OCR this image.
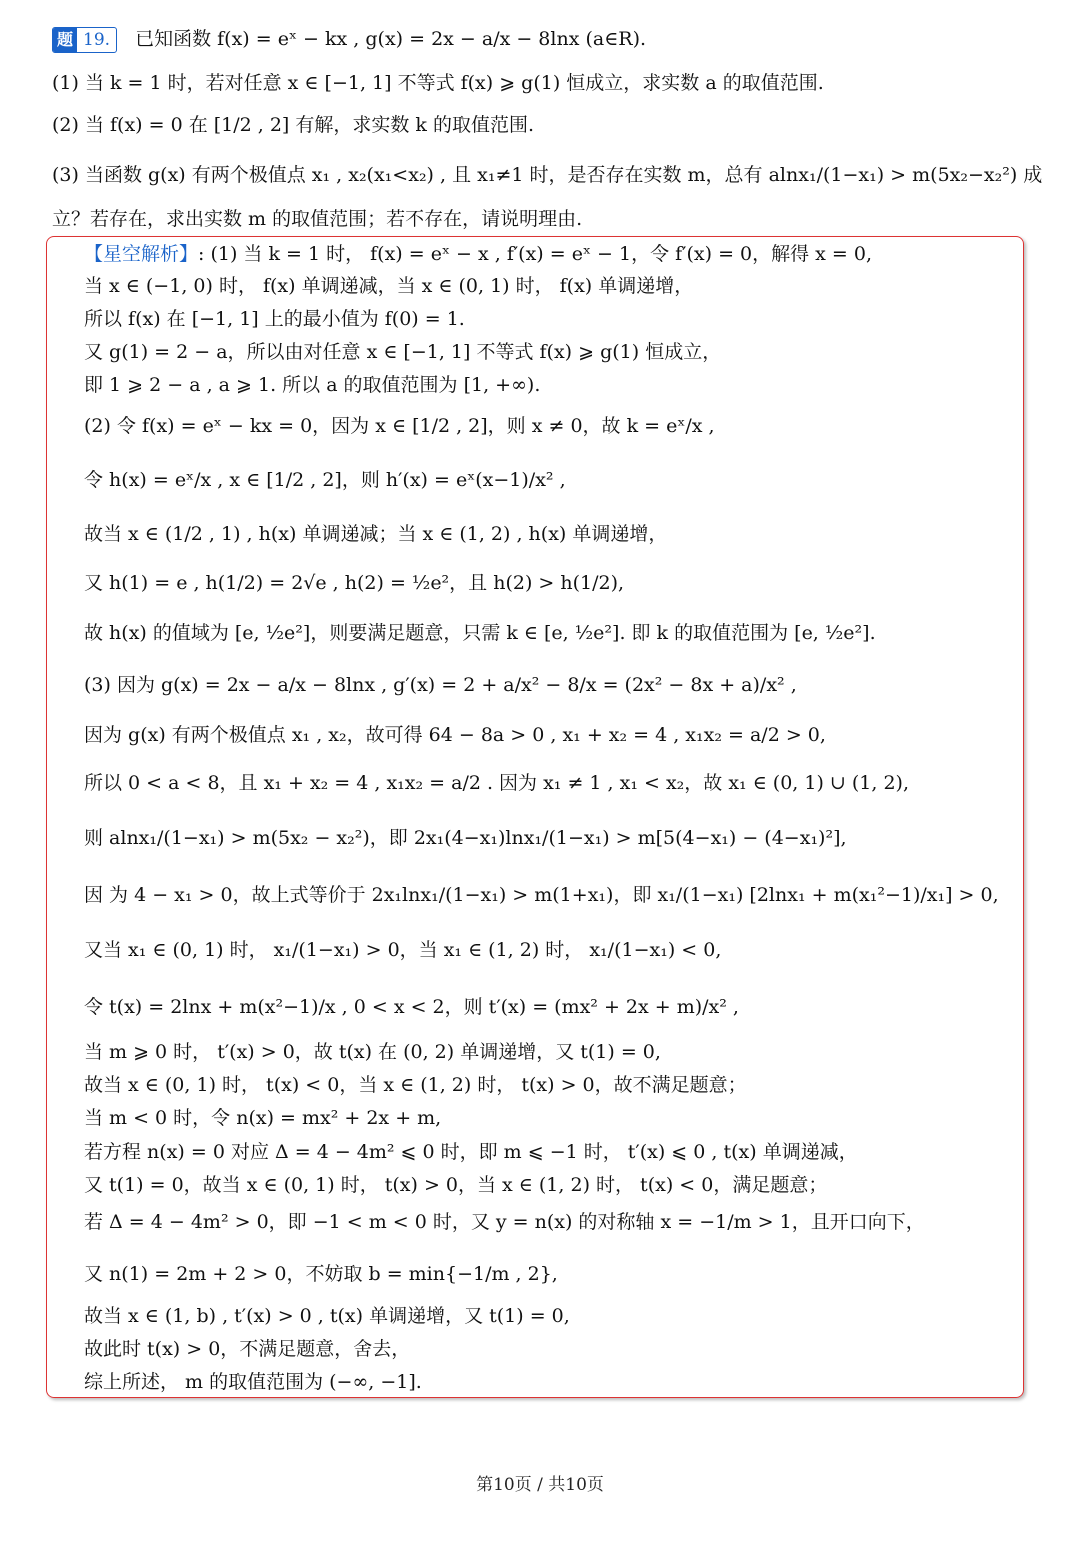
题 19.	已知函数 f(x) = eˣ − kx , g(x) = 2x − a/x − 8lnx (a∈R).
(1) 当 k = 1 时，若对任意 x ∈ [−1, 1] 不等式 f(x) ⩾ g(1) 恒成立，求实数 a 的取值范围.
(2) 当 f(x) = 0 在 [1/2 , 2] 有解，求实数 k 的取值范围.
(3) 当函数 g(x) 有两个极值点 x₁ , x₂(x₁<x₂) , 且 x₁≠1 时，是否存在实数 m，总有 alnx₁/(1−x₁) > m(5x₂−x₂²) 成
立？若存在，求出实数 m 的取值范围；若不存在，请说明理由.
【星空解析】: (1) 当 k = 1 时， f(x) = eˣ − x , f′(x) = eˣ − 1，令 f′(x) = 0，解得 x = 0,
当 x ∈ (−1, 0) 时， f(x) 单调递减，当 x ∈ (0, 1) 时， f(x) 单调递增，
所以 f(x) 在 [−1, 1] 上的最小值为 f(0) = 1.
又 g(1) = 2 − a，所以由对任意 x ∈ [−1, 1] 不等式 f(x) ⩾ g(1) 恒成立，
即 1 ⩾ 2 − a , a ⩾ 1. 所以 a 的取值范围为 [1, +∞).
(2) 令 f(x) = eˣ − kx = 0，因为 x ∈ [1/2 , 2]，则 x ≠ 0，故 k = eˣ/x ,
令 h(x) = eˣ/x , x ∈ [1/2 , 2]，则 h′(x) = eˣ(x−1)/x² ,
故当 x ∈ (1/2 , 1) , h(x) 单调递减；当 x ∈ (1, 2) , h(x) 单调递增，
又 h(1) = e , h(1/2) = 2√e , h(2) = ½e²，且 h(2) > h(1/2),
故 h(x) 的值域为 [e, ½e²]，则要满足题意，只需 k ∈ [e, ½e²]. 即 k 的取值范围为 [e, ½e²].
(3) 因为 g(x) = 2x − a/x − 8lnx , g′(x) = 2 + a/x² − 8/x = (2x² − 8x + a)/x² ,
因为 g(x) 有两个极值点 x₁ , x₂，故可得 64 − 8a > 0 , x₁ + x₂ = 4 , x₁x₂ = a/2 > 0,
所以 0 < a < 8，且 x₁ + x₂ = 4 , x₁x₂ = a/2 . 因为 x₁ ≠ 1 , x₁ < x₂，故 x₁ ∈ (0, 1) ∪ (1, 2),
则 alnx₁/(1−x₁) > m(5x₂ − x₂²)，即 2x₁(4−x₁)lnx₁/(1−x₁) > m[5(4−x₁) − (4−x₁)²],
因 为 4 − x₁ > 0，故上式等价于 2x₁lnx₁/(1−x₁) > m(1+x₁)，即 x₁/(1−x₁) [2lnx₁ + m(x₁²−1)/x₁] > 0,
又当 x₁ ∈ (0, 1) 时， x₁/(1−x₁) > 0，当 x₁ ∈ (1, 2) 时， x₁/(1−x₁) < 0,
令 t(x) = 2lnx + m(x²−1)/x , 0 < x < 2，则 t′(x) = (mx² + 2x + m)/x² ,
当 m ⩾ 0 时， t′(x) > 0，故 t(x) 在 (0, 2) 单调递增，又 t(1) = 0,
故当 x ∈ (0, 1) 时， t(x) < 0，当 x ∈ (1, 2) 时， t(x) > 0，故不满足题意；
当 m < 0 时，令 n(x) = mx² + 2x + m,
若方程 n(x) = 0 对应 Δ = 4 − 4m² ⩽ 0 时，即 m ⩽ −1 时， t′(x) ⩽ 0 , t(x) 单调递减，
又 t(1) = 0，故当 x ∈ (0, 1) 时， t(x) > 0，当 x ∈ (1, 2) 时， t(x) < 0，满足题意；
若 Δ = 4 − 4m² > 0，即 −1 < m < 0 时，又 y = n(x) 的对称轴 x = −1/m > 1，且开口向下，
又 n(1) = 2m + 2 > 0，不妨取 b = min{−1/m , 2},
故当 x ∈ (1, b) , t′(x) > 0 , t(x) 单调递增，又 t(1) = 0,
故此时 t(x) > 0，不满足题意，舍去，
综上所述， m 的取值范围为 (−∞, −1].
第10页 / 共10页
